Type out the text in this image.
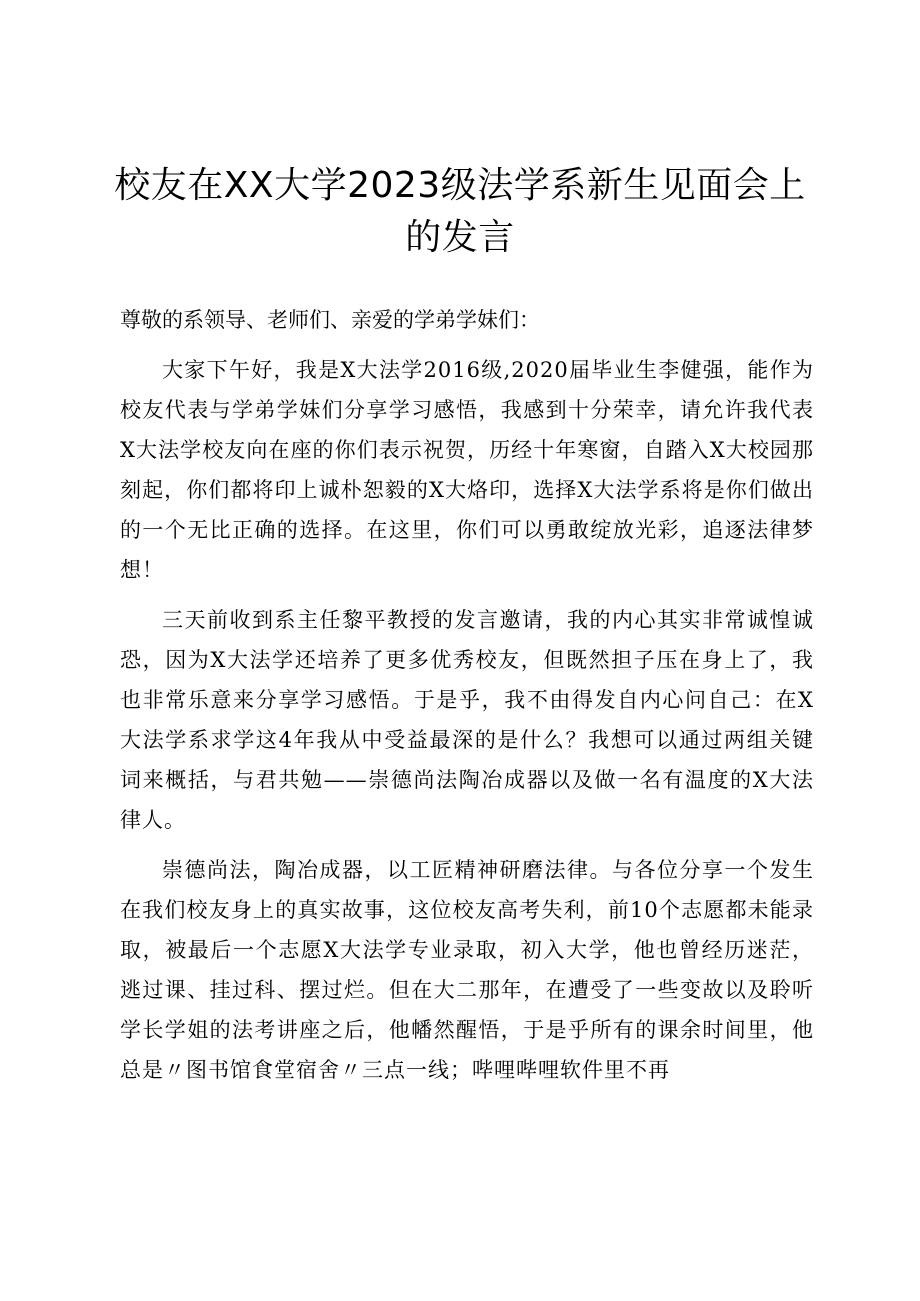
校友在XX大学2023级法学系新生见面会上
的发言

尊敬的系领导、老师们、亲爱的学弟学妹们：

大家下午好，我是X大法学2016级,2020届毕业生李健强，能作为校友代表与学弟学妹们分享学习感悟，我感到十分荣幸，请允许我代表X大法学校友向在座的你们表示祝贺，历经十年寒窗，自踏入X大校园那刻起，你们都将印上诚朴恕毅的X大烙印，选择X大法学系将是你们做出的一个无比正确的选择。在这里，你们可以勇敢绽放光彩，追逐法律梦想！

三天前收到系主任黎平教授的发言邀请，我的内心其实非常诚惶诚恐，因为X大法学还培养了更多优秀校友，但既然担子压在身上了，我也非常乐意来分享学习感悟。于是乎，我不由得发自内心问自己：在X大法学系求学这4年我从中受益最深的是什么？我想可以通过两组关键词来概括，与君共勉——崇德尚法陶冶成器以及做一名有温度的X大法律人。

崇德尚法，陶冶成器，以工匠精神研磨法律。与各位分享一个发生在我们校友身上的真实故事，这位校友高考失利，前10个志愿都未能录取，被最后一个志愿X大法学专业录取，初入大学，他也曾经历迷茫，逃过课、挂过科、摆过烂。但在大二那年，在遭受了一些变故以及聆听学长学姐的法考讲座之后，他幡然醒悟，于是乎所有的课余时间里，他总是〃图书馆食堂宿舍〃三点一线；哔哩哔哩软件里不再
